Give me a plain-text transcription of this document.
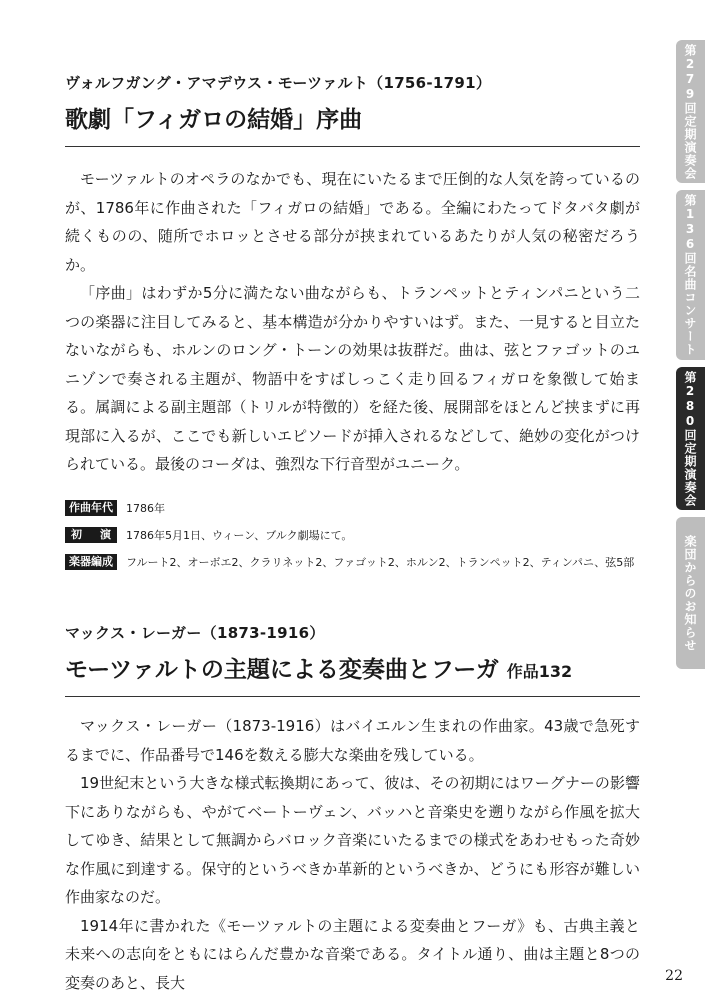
ヴォルフガング・アマデウス・モーツァルト（1756-1791）
歌劇「フィガロの結婚」序曲

モーツァルトのオペラのなかでも、現在にいたるまで圧倒的な人気を誇っているのが、1786年に作曲された「フィガロの結婚」である。全編にわたってドタバタ劇が続くものの、随所でホロッとさせる部分が挟まれているあたりが人気の秘密だろうか。

「序曲」はわずか5分に満たない曲ながらも、トランペットとティンパニという二つの楽器に注目してみると、基本構造が分かりやすいはず。また、一見すると目立たないながらも、ホルンのロング・トーンの効果は抜群だ。曲は、弦とファゴットのユニゾンで奏される主題が、物語中をすばしっこく走り回るフィガロを象徴して始まる。属調による副主題部（トリルが特徴的）を経た後、展開部をほとんど挟まずに再現部に入るが、ここでも新しいエピソードが挿入されるなどして、絶妙の変化がつけられている。最後のコーダは、強烈な下行音型がユニーク。

作曲年代	1786年
初演	1786年5月1日、ウィーン、ブルク劇場にて。
楽器編成	フルート2、オーボエ2、クラリネット2、ファゴット2、ホルン2、トランペット2、ティンパニ、弦5部
マックス・レーガー（1873-1916）
モーツァルトの主題による変奏曲とフーガ 作品132

マックス・レーガー（1873-1916）はバイエルン生まれの作曲家。43歳で急死するまでに、作品番号で146を数える膨大な楽曲を残している。

19世紀末という大きな様式転換期にあって、彼は、その初期にはワーグナーの影響下にありながらも、やがてベートーヴェン、バッハと音楽史を遡りながら作風を拡大してゆき、結果として無調からバロック音楽にいたるまでの様式をあわせもった奇妙な作風に到達する。保守的というべきか革新的というべきか、どうにも形容が難しい作曲家なのだ。

1914年に書かれた《モーツァルトの主題による変奏曲とフーガ》も、古典主義と未来への志向をともにはらんだ豊かな音楽である。タイトル通り、曲は主題と8つの変奏のあと、長大

第279回定期演奏会
第136回名曲コンサート
第280回定期演奏会
楽団からのお知らせ
22
